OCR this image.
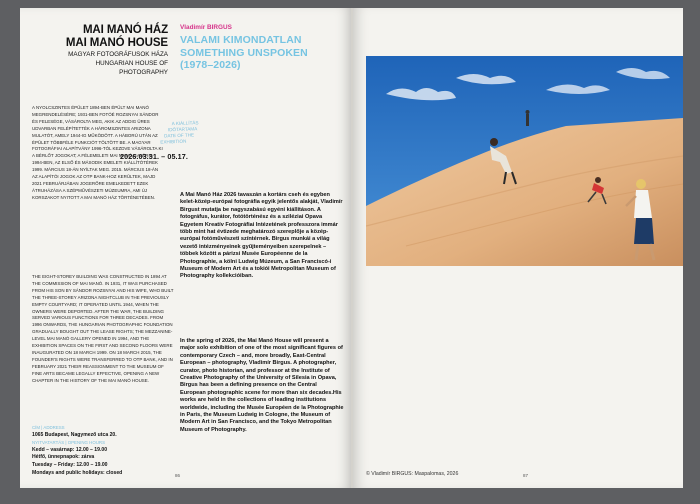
MAI MANÓ HÁZ
MAI MANÓ HOUSE
MAGYAR FOTOGRÁFUSOK HÁZA
HUNGARIAN HOUSE OF
PHOTOGRAPHY
Vladimír BIRGUS
VALAMI KIMONDATLAN
SOMETHING UNSPOKEN
(1978–2026)
A KIÁLLÍTÁS
IDŐTARTAMA
DATE OF THE
EXHIBITION
2026.03.31. – 05.17.
A NYOLCSZINTES ÉPÜLET 1894-BEN ÉPÜLT MAI MANÓ MEGRENDELÉSÉRE; 1931-BEN FOTÓÉ ROZSNYAI SÁNDOR ÉS FELESÉGE, VÁSÁROLTA MEG, AKIK AZ ADDIG ÜRES UDVARBAN FELÉPÍTETTÉK A HÁROMSZINTES ARIZONA MULATÓT, AMELY 1944-IG MŰKÖDÖTT. A HÁBORÚ UTÁN AZ ÉPÜLET TÖBBFÉLE FUNKCIÓT TÖLTÖTT BE. A MAGYAR FOTOGRÁFIAI ALAPÍTVÁNY 1996-TÓL KEZDVE VÁSÁROLTA KI A BÉRLŐT JOGOKAT; A FÉLEMELETI MAI MANÓ GALÉRIA 1994-BEN, AZ ELSŐ ÉS MÁSODIK EMELETI KIÁLLÍTÓTÉREK 1999. MÁRCIUS 18-ÁN NYÍLTAK MEG. 2015. MÁRCIUS 18-ÁN AZ ALAPÍTÓI JOGOK AZ OTP BANK-HOZ KERÜLTEK, MAJD 2021 FEBRUÁRJÁBAN JOGERŐRE EMELKEDETT EZEK ÁTRUHÁZÁSA A SZÉPMŰVÉSZETI MÚZEUMRA, AMI ÚJ KORSZAKOT NYITOTT A MAI MANÓ HÁZ TÖRTÉNETÉBEN.
THE EIGHT-STOREY BUILDING WAS CONSTRUCTED IN 1894 AT THE COMMISSION OF MAI MANÓ. IN 1931, IT WAS PURCHASED FROM HIS SON BY SÁNDOR ROZSNYAI AND HIS WIFE, WHO BUILT THE THREE-STOREY ARIZONA NIGHTCLUB IN THE PREVIOUSLY EMPTY COURTYARD; IT OPERATED UNTIL 1944, WHEN THE OWNERS WERE DEPORTED. AFTER THE WAR, THE BUILDING SERVED VARIOUS FUNCTIONS FOR THREE DECADES. FROM 1996 ONWARDS, THE HUNGARIAN PHOTOGRAPHIC FOUNDATION GRADUALLY BOUGHT OUT THE LEASE RIGHTS; THE MEZZANINE-LEVEL MAI MANÓ GALLERY OPENED IN 1994, AND THE EXHIBITION SPACES ON THE FIRST AND SECOND FLOORS WERE INAUGURATED ON 18 MARCH 1999. ON 18 MARCH 2015, THE FOUNDER'S RIGHTS WERE TRANSFERRED TO OTP BANK, AND IN FEBRUARY 2021 THEIR REASSIGNMENT TO THE MUSEUM OF FINE ARTS BECAME LEGALLY EFFECTIVE, OPENING A NEW CHAPTER IN THE HISTORY OF THE MAI MANÓ HOUSE.
CÍM | ADDRESS
1065 Budapest, Nagymező utca 20.
NYITVATARTÁS | OPENING HOURS
Kedd – vasárnap: 12.00 – 19.00
Hétfő, ünnepnapok: zárva
Tuesday – Friday: 12.00 – 19.00
Mondays and public holidays: closed
A Mai Manó Ház 2026 tavaszán a kortárs cseh és egyben kelet-közép-európai fotográfia egyik jelentős alakját, Vladimír Birgust mutatja be nagyszabású egyéni kiállításon. A fotográfus, kurátor, fotótörténész és a sziléziai Opava Egyetem Kreatív Fotográfiai Intézetének professzora immár több mint hat évtizede meghatározó szereplője a közép-európai fotóművészeti színtérnek. Birgus munkái a világ vezető intézményeinek gyűjteményeiben szerepelnek – többek között a párizsi Musée Européenne de la Photographie, a kölni Ludwig Múzeum, a San Franciscó-i Museum of Modern Art és a tokiói Metropolitan Museum of Photography kollekcióiban.
In the spring of 2026, the Mai Manó House will present a major solo exhibition of one of the most significant figures of contemporary Czech – and, more broadly, East-Central European – photography, Vladimír Birgus. A photographer, curator, photo historian, and professor at the Institute of Creative Photography of the University of Silesia in Opava, Birgus has been a defining presence on the Central European photographic scene for more than six decades.His works are held in the collections of leading institutions worldwide, including the Musée Européen de la Photographie in Paris, the Museum Ludwig in Cologne, the Museum of Modern Art in San Francisco, and the Tokyo Metropolitan Museum of Photography.
86	© Vladimír BIRGUS: Maspalomas, 2026	87
